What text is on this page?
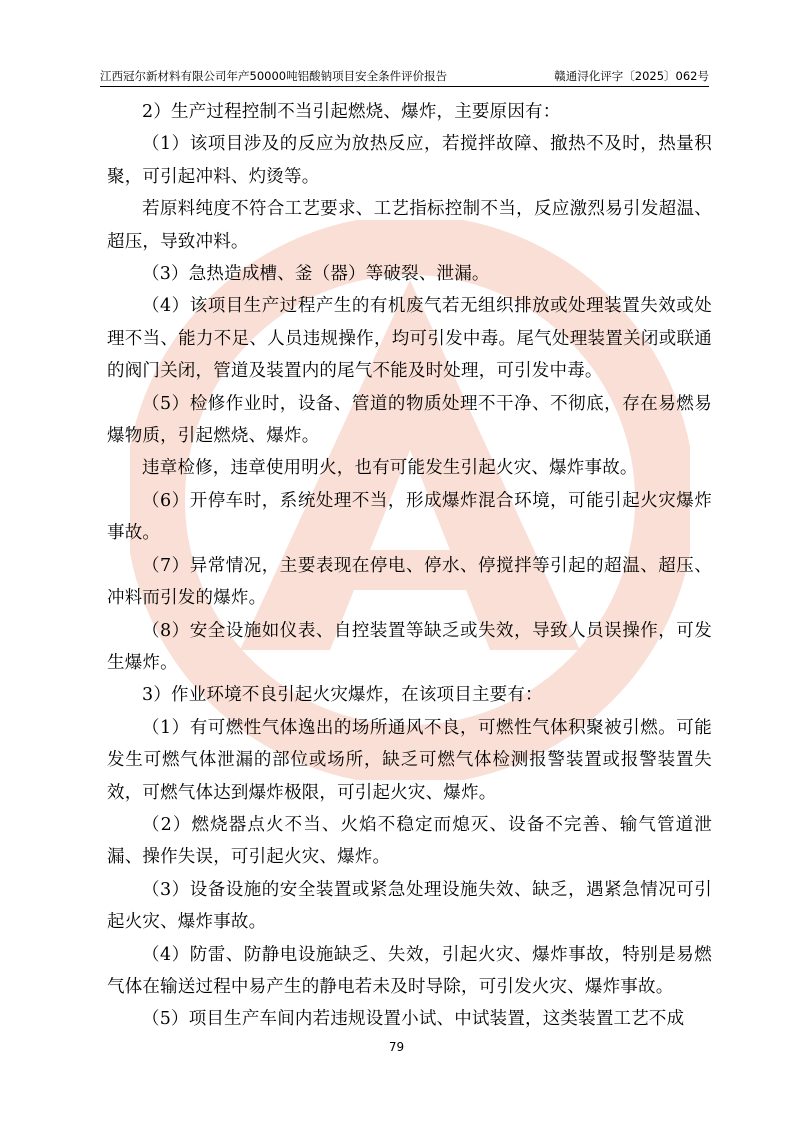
江西冠尔新材料有限公司年产50000吨铝酸钠项目安全条件评价报告	赣通浔化评字〔2025〕062号

2）生产过程控制不当引起燃烧、爆炸，主要原因有：

（1）该项目涉及的反应为放热反应，若搅拌故障、撤热不及时，热量积聚，可引起冲料、灼烫等。

若原料纯度不符合工艺要求、工艺指标控制不当，反应激烈易引发超温、超压，导致冲料。

（3）急热造成槽、釜（器）等破裂、泄漏。

（4）该项目生产过程产生的有机废气若无组织排放或处理装置失效或处理不当、能力不足、人员违规操作，均可引发中毒。尾气处理装置关闭或联通的阀门关闭，管道及装置内的尾气不能及时处理，可引发中毒。

（5）检修作业时，设备、管道的物质处理不干净、不彻底，存在易燃易爆物质，引起燃烧、爆炸。

违章检修，违章使用明火，也有可能发生引起火灾、爆炸事故。

（6）开停车时，系统处理不当，形成爆炸混合环境，可能引起火灾爆炸事故。

（7）异常情况，主要表现在停电、停水、停搅拌等引起的超温、超压、冲料而引发的爆炸。

（8）安全设施如仪表、自控装置等缺乏或失效，导致人员误操作，可发生爆炸。

3）作业环境不良引起火灾爆炸，在该项目主要有：

（1）有可燃性气体逸出的场所通风不良，可燃性气体积聚被引燃。可能发生可燃气体泄漏的部位或场所，缺乏可燃气体检测报警装置或报警装置失效，可燃气体达到爆炸极限，可引起火灾、爆炸。

（2）燃烧器点火不当、火焰不稳定而熄灭、设备不完善、输气管道泄漏、操作失误，可引起火灾、爆炸。

（3）设备设施的安全装置或紧急处理设施失效、缺乏，遇紧急情况可引起火灾、爆炸事故。

（4）防雷、防静电设施缺乏、失效，引起火灾、爆炸事故，特别是易燃气体在输送过程中易产生的静电若未及时导除，可引发火灾、爆炸事故。

（5）项目生产车间内若违规设置小试、中试装置，这类装置工艺不成

79
